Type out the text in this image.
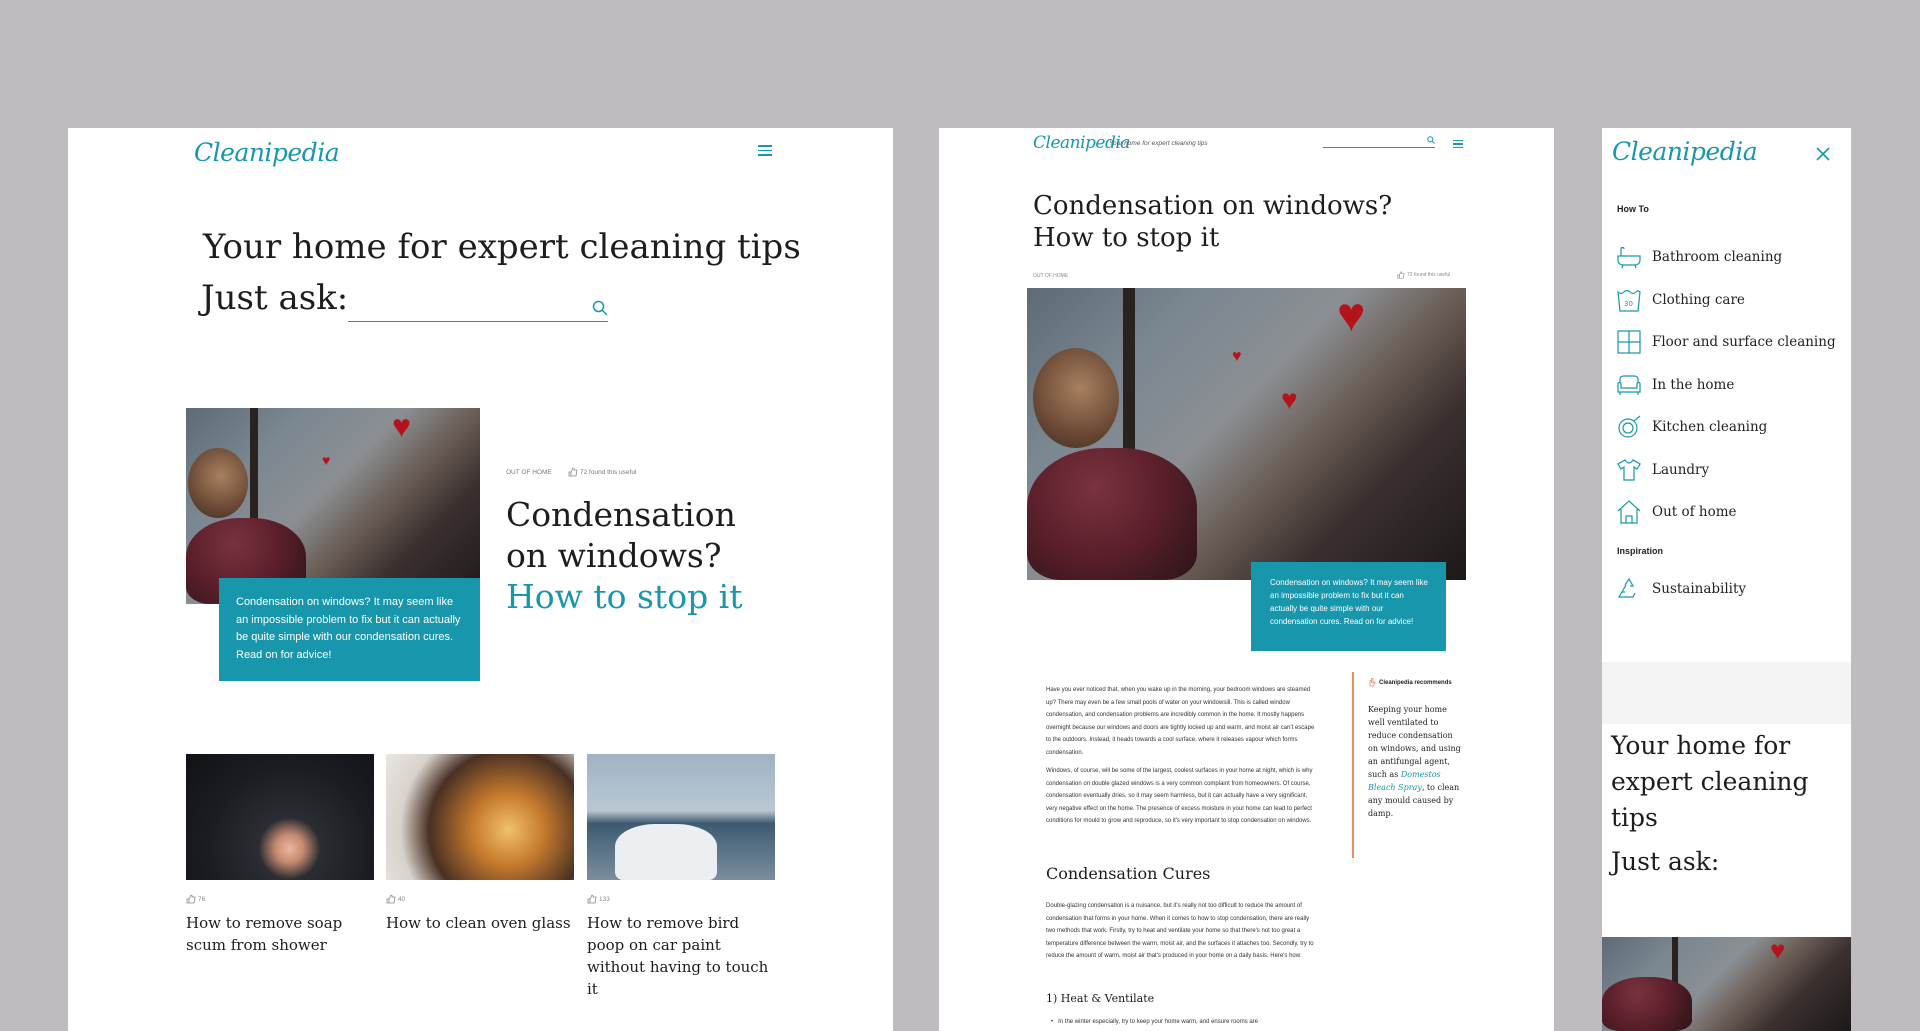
Cleanipedia
Your home for expert cleaning tips
Just ask:
♥
♥
Condensation on windows? It may seem like an impossible problem to fix but it can actually be quite simple with our condensation cures. Read on for advice!
OUT OF HOME	72 found this useful
Condensation
on windows?
How to stop it
76
How to remove soap scum from shower
40
How to clean oven glass
133
How to remove bird poop on car paint without having to touch it
Cleanipedia
Your home for expert cleaning tips
Condensation on windows? How to stop it
OUT OF HOME	72 found this useful
♥
♥
♥
Condensation on windows? It may seem like an impossible problem to fix but it can actually be quite simple with our condensation cures. Read on for advice!

Have you ever noticed that, when you wake up in the morning, your bedroom windows are steamed up? There may even be a few small pools of water on your windowsill. This is called window condensation, and condensation problems are incredibly common in the home. It mostly happens overnight because our windows and doors are tightly locked up and warm, and moist air can't escape to the outdoors. Instead, it heads towards a cool surface, where it releases vapour which forms condensation.

Windows, of course, will be some of the largest, coolest surfaces in your home at night, which is why condensation on double glazed windows is a very common complaint from homeowners. Of course, condensation eventually dries, so it may seem harmless, but it can actually have a very significant, very negative effect on the home. The presence of excess moisture in your home can lead to perfect conditions for mould to grow and reproduce, so it's very important to stop condensation on windows.

Cleanipedia recommends
Keeping your home well ventilated to reduce condensation on windows, and using an antifungal agent, such as Domestos Bleach Spray, to clean any mould caused by damp.
Condensation Cures

Double-glazing condensation is a nuisance, but it's really not too difficult to reduce the amount of condensation that forms in your home. When it comes to how to stop condensation, there are really two methods that work. Firstly, try to heat and ventilate your home so that there's not too great a temperature difference between the warm, moist air, and the surfaces it attaches too. Secondly, try to reduce the amount of warm, moist air that's produced in your home on a daily basis. Here's how:

1) Heat & Ventilate
•   In the winter especially, try to keep your home warm, and ensure rooms are
Cleanipedia
How To
Bathroom cleaning
30 Clothing care
Floor and surface cleaning
In the home
Kitchen cleaning
Laundry
Out of home
Inspiration
Sustainability
Your home for
expert cleaning tips
Just ask:
♥
